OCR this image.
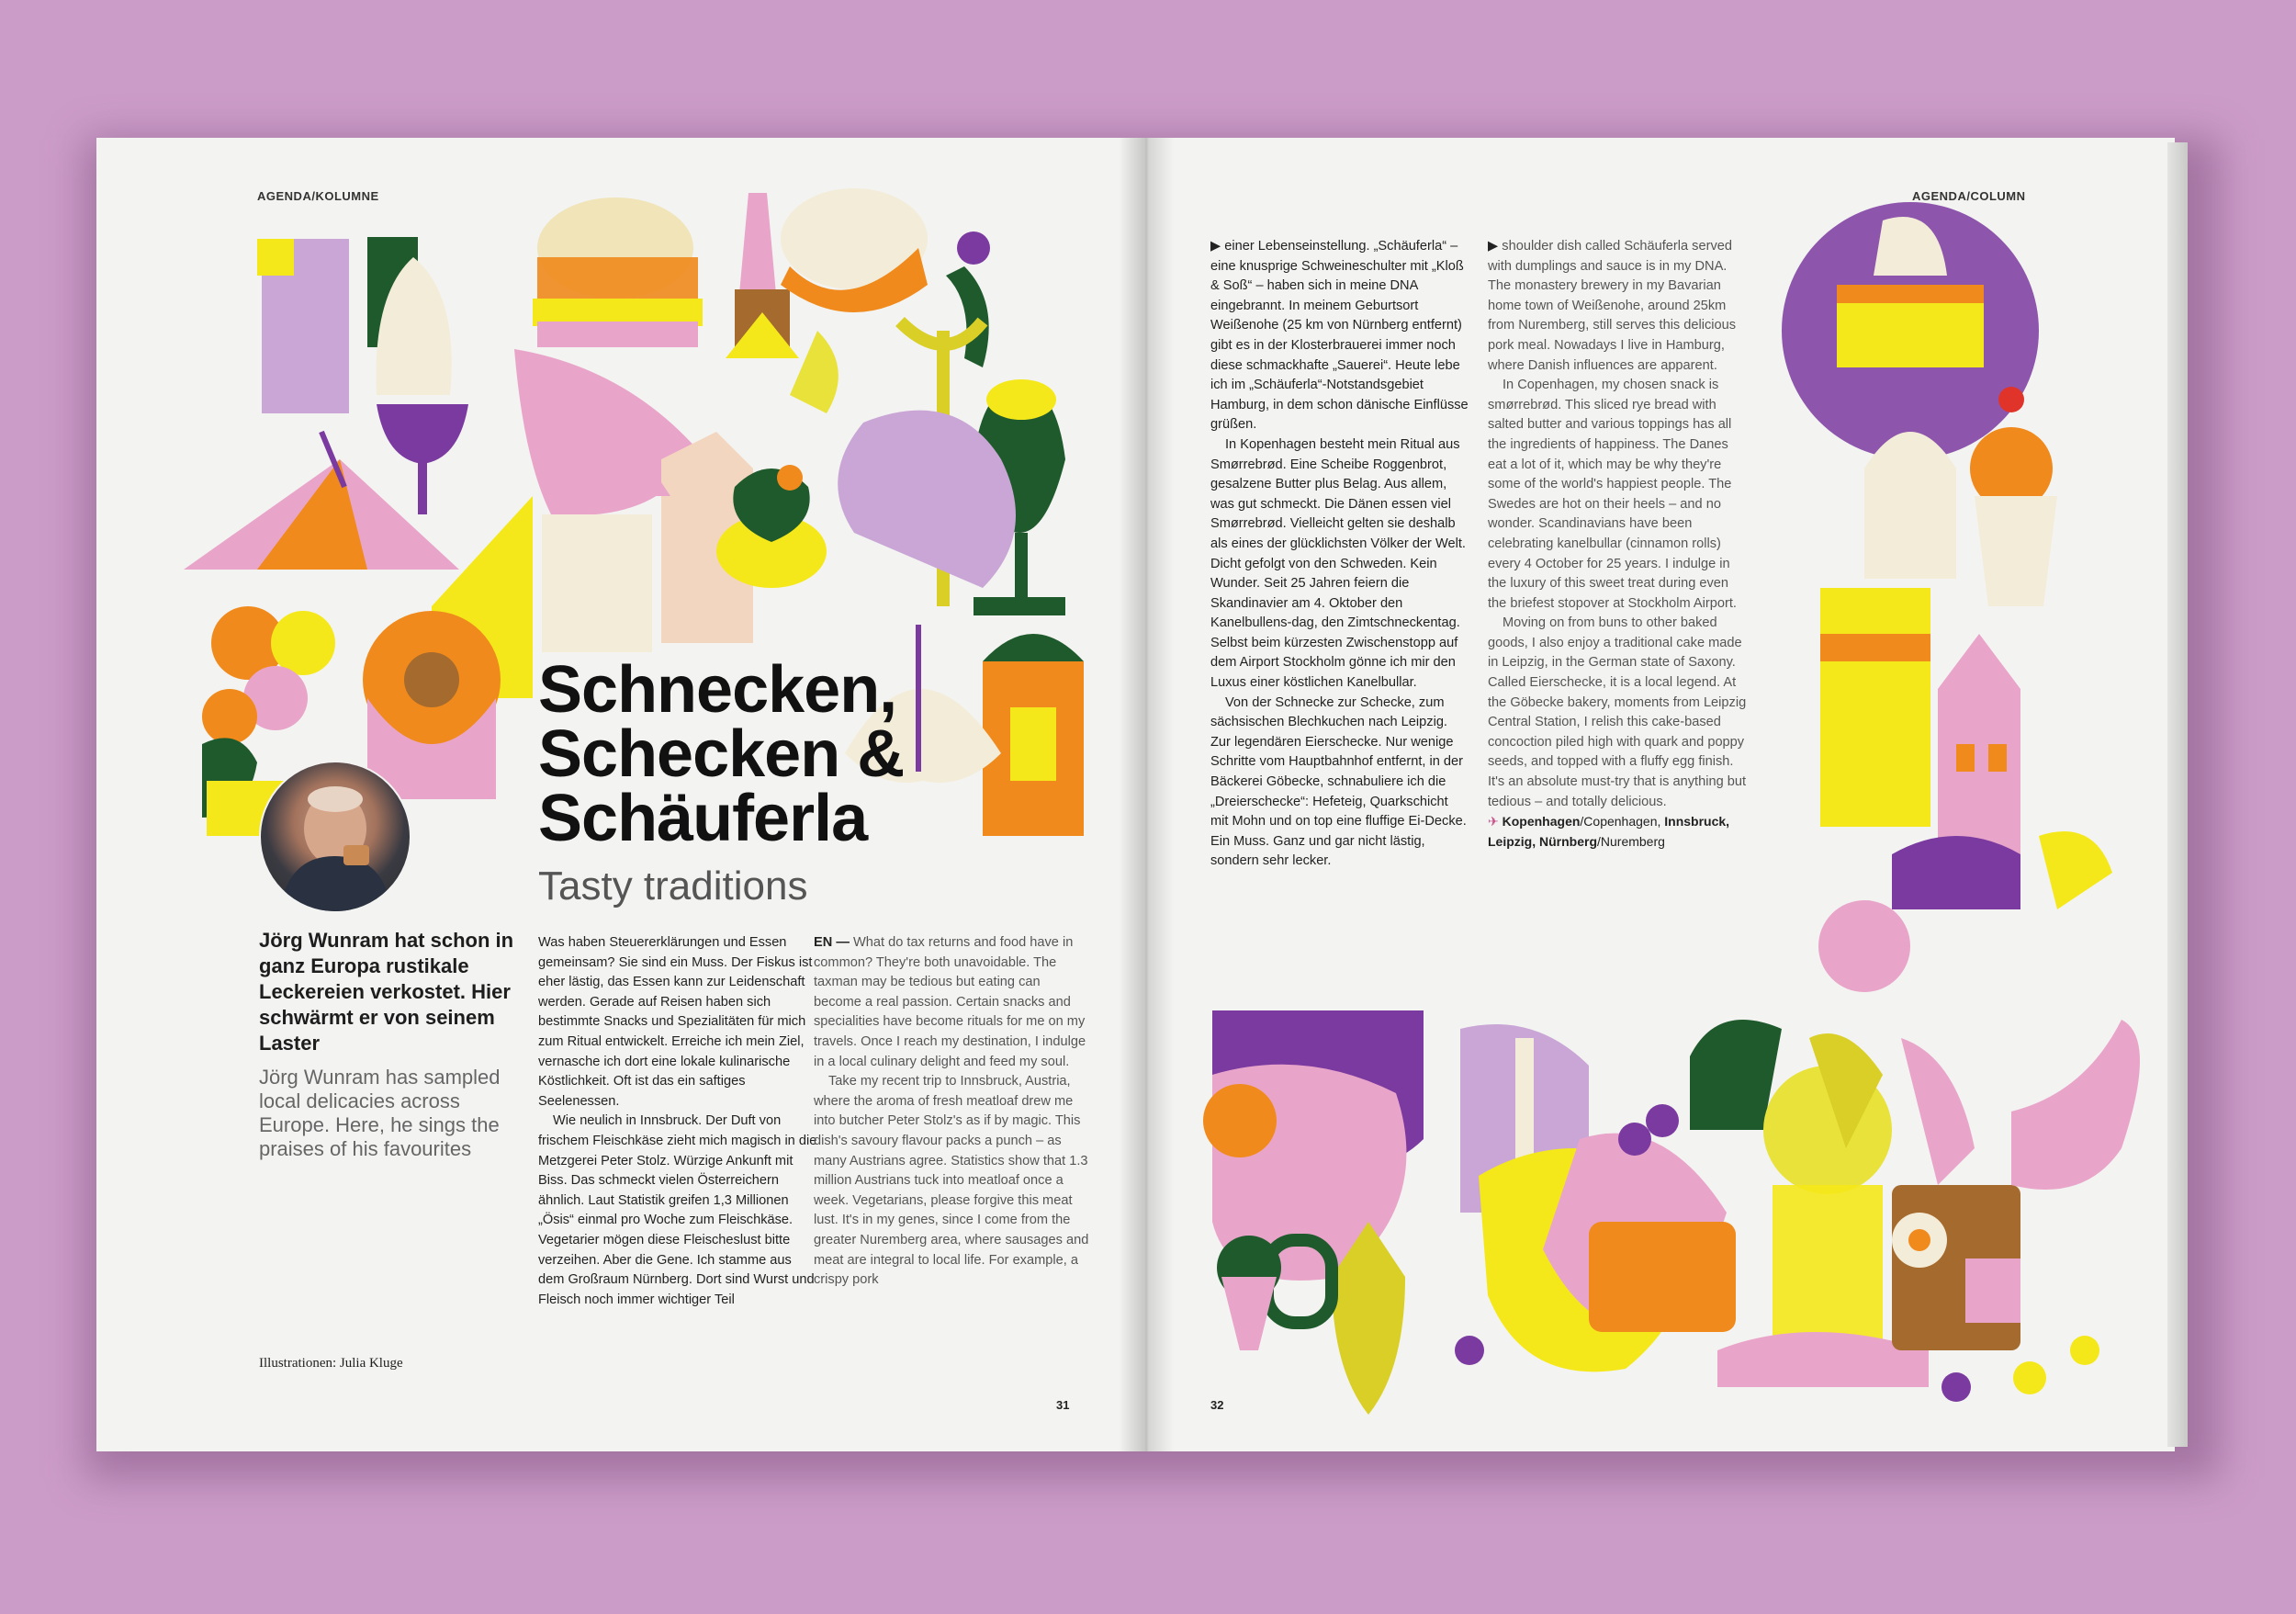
AGENDA/KOLUMNE
Schnecken,
Schecken &
Schäuferla
Tasty traditions
Jörg Wunram hat schon in ganz Europa rustikale Leckereien verkostet. Hier schwärmt er von seinem Laster
Jörg Wunram has sampled local delicacies across Europe. Here, he sings the praises of his favourites
Illustrationen: Julia Kluge

Was haben Steuererklärungen und Essen gemeinsam? Sie sind ein Muss. Der Fiskus ist eher lästig, das Essen kann zur Leidenschaft werden. Gerade auf Reisen haben sich bestimmte Snacks und Spezialitäten für mich zum Ritual entwickelt. Erreiche ich mein Ziel, vernasche ich dort eine lokale kulinarische Köstlichkeit. Oft ist das ein saftiges Seelenessen.

Wie neulich in Innsbruck. Der Duft von frischem Fleischkäse zieht mich magisch in die Metzgerei Peter Stolz. Würzige Ankunft mit Biss. Das schmeckt vielen Österreichern ähnlich. Laut Statistik greifen 1,3 Millionen „Ösis“ einmal pro Woche zum Fleischkäse. Vegetarier mögen diese Fleischeslust bitte verzeihen. Aber die Gene. Ich stamme aus dem Großraum Nürnberg. Dort sind Wurst und Fleisch noch immer wichtiger Teil

EN — What do tax returns and food have in common? They're both unavoidable. The taxman may be tedious but eating can become a real passion. Certain snacks and specialities have become rituals for me on my travels. Once I reach my destination, I indulge in a local culinary delight and feed my soul.

Take my recent trip to Innsbruck, Austria, where the aroma of fresh meatloaf drew me into butcher Peter Stolz's as if by magic. This dish's savoury flavour packs a punch – as many Austrians agree. Statistics show that 1.3 million Austrians tuck into meatloaf once a week. Vegetarians, please forgive this meat lust. It's in my genes, since I come from the greater Nuremberg area, where sausages and meat are integral to local life. For example, a crispy pork

31
AGENDA/COLUMN

▶ einer Lebenseinstellung. „Schäuferla“ – eine knusprige Schweineschulter mit „Kloß & Soß“ – haben sich in meine DNA eingebrannt. In meinem Geburtsort Weißenohe (25 km von Nürnberg entfernt) gibt es in der Klosterbrauerei immer noch diese schmackhafte „Sauerei“. Heute lebe ich im „Schäuferla“-Notstandsgebiet Hamburg, in dem schon dänische Einflüsse grüßen.

In Kopenhagen besteht mein Ritual aus Smørrebrød. Eine Scheibe Roggenbrot, gesalzene Butter plus Belag. Aus allem, was gut schmeckt. Die Dänen essen viel Smørrebrød. Vielleicht gelten sie deshalb als eines der glücklichsten Völker der Welt. Dicht gefolgt von den Schweden. Kein Wunder. Seit 25 Jahren feiern die Skandinavier am 4. Oktober den Kanelbullens-dag, den Zimtschneckentag. Selbst beim kürzesten Zwischenstopp auf dem Airport Stockholm gönne ich mir den Luxus einer köstlichen Kanelbullar.

Von der Schnecke zur Schecke, zum sächsischen Blechkuchen nach Leipzig. Zur legendären Eierschecke. Nur wenige Schritte vom Hauptbahnhof entfernt, in der Bäckerei Göbecke, schnabuliere ich die „Dreierschecke“: Hefeteig, Quarkschicht mit Mohn und on top eine fluffige Ei-Decke. Ein Muss. Ganz und gar nicht lästig, sondern sehr lecker.

▶ shoulder dish called Schäuferla served with dumplings and sauce is in my DNA. The monastery brewery in my Bavarian home town of Weißenohe, around 25km from Nuremberg, still serves this delicious pork meal. Nowadays I live in Hamburg, where Danish influences are apparent.

In Copenhagen, my chosen snack is smørrebrød. This sliced rye bread with salted butter and various toppings has all the ingredients of happiness. The Danes eat a lot of it, which may be why they're some of the world's happiest people. The Swedes are hot on their heels – and no wonder. Scandinavians have been celebrating kanelbullar (cinnamon rolls) every 4 October for 25 years. I indulge in the luxury of this sweet treat during even the briefest stopover at Stockholm Airport.

Moving on from buns to other baked goods, I also enjoy a traditional cake made in Leipzig, in the German state of Saxony. Called Eierschecke, it is a local legend. At the Göbecke bakery, moments from Leipzig Central Station, I relish this cake-based concoction piled high with quark and poppy seeds, and topped with a fluffy egg finish. It's an absolute must-try that is anything but tedious – and totally delicious.

✈ Kopenhagen/Copenhagen, Innsbruck, Leipzig, Nürnberg/Nuremberg

32
